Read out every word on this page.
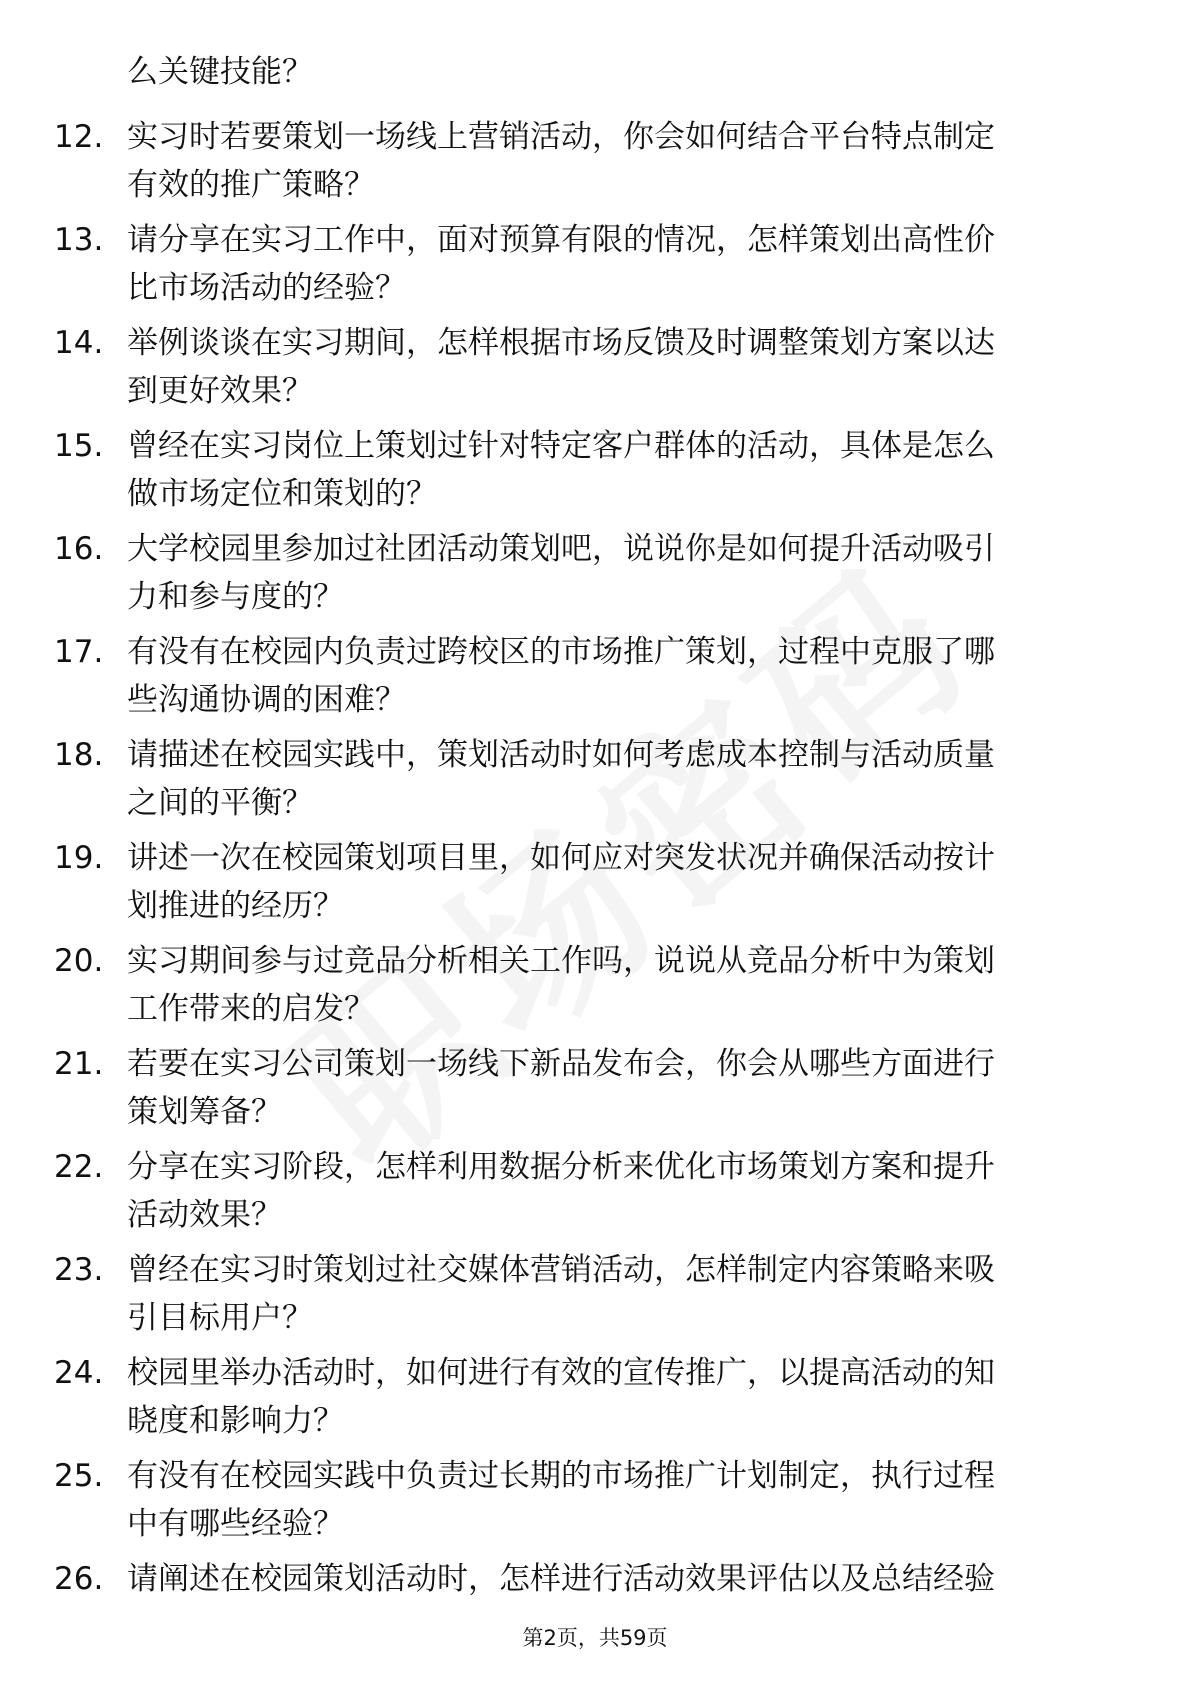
么关键技能？
12. 实习时若要策划一场线上营销活动，你会如何结合平台特点制定
有效的推广策略？
13. 请分享在实习工作中，面对预算有限的情况，怎样策划出高性价
比市场活动的经验？
14. 举例谈谈在实习期间，怎样根据市场反馈及时调整策划方案以达
到更好效果？
15. 曾经在实习岗位上策划过针对特定客户群体的活动，具体是怎么
做市场定位和策划的？
16. 大学校园里参加过社团活动策划吧，说说你是如何提升活动吸引
力和参与度的？
17. 有没有在校园内负责过跨校区的市场推广策划，过程中克服了哪
些沟通协调的困难？
18. 请描述在校园实践中，策划活动时如何考虑成本控制与活动质量
之间的平衡？
19. 讲述一次在校园策划项目里，如何应对突发状况并确保活动按计
划推进的经历？
20. 实习期间参与过竞品分析相关工作吗，说说从竞品分析中为策划
工作带来的启发？
21. 若要在实习公司策划一场线下新品发布会，你会从哪些方面进行
策划筹备？
22. 分享在实习阶段，怎样利用数据分析来优化市场策划方案和提升
活动效果？
23. 曾经在实习时策划过社交媒体营销活动，怎样制定内容策略来吸
引目标用户？
24. 校园里举办活动时，如何进行有效的宣传推广，以提高活动的知
晓度和影响力？
25. 有没有在校园实践中负责过长期的市场推广计划制定，执行过程
中有哪些经验？
26. 请阐述在校园策划活动时，怎样进行活动效果评估以及总结经验
第2页，共59页
